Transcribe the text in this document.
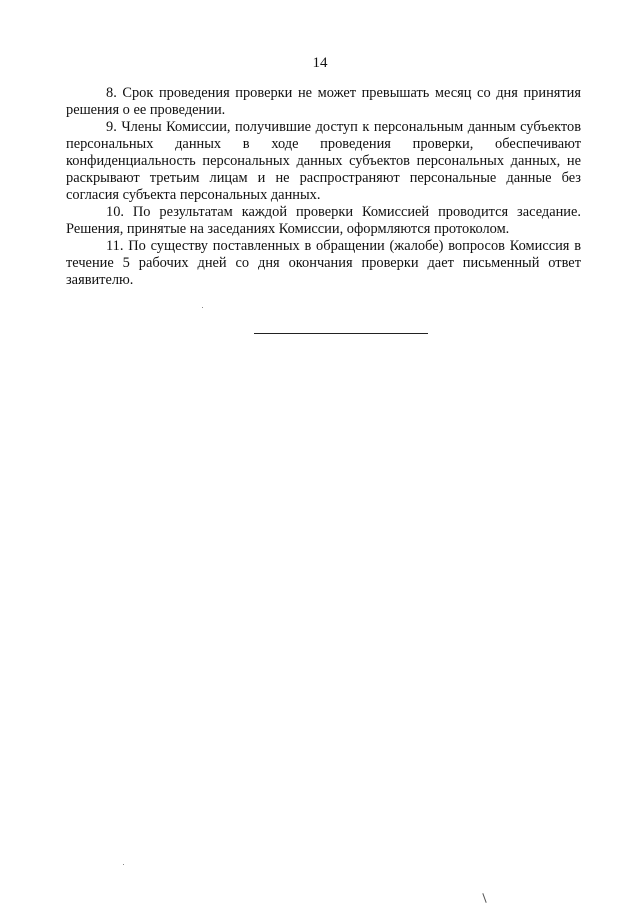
14

8. Срок проведения проверки не может превышать месяц со дня принятия решения о ее проведении.

9. Члены Комиссии, получившие доступ к персональным данным субъектов персональных данных в ходе проведения проверки, обеспечивают конфиденциальность персональных данных субъектов персональных данных, не раскрывают третьим лицам и не распространяют персональные данные без согласия субъекта персональных данных.

10. По результатам каждой проверки Комиссией проводится заседание. Решения, принятые на заседаниях Комиссии, оформляются протоколом.

11. По существу поставленных в обращении (жалобе) вопросов Комиссия в течение 5 рабочих дней со дня окончания проверки дает письменный ответ заявителю.
